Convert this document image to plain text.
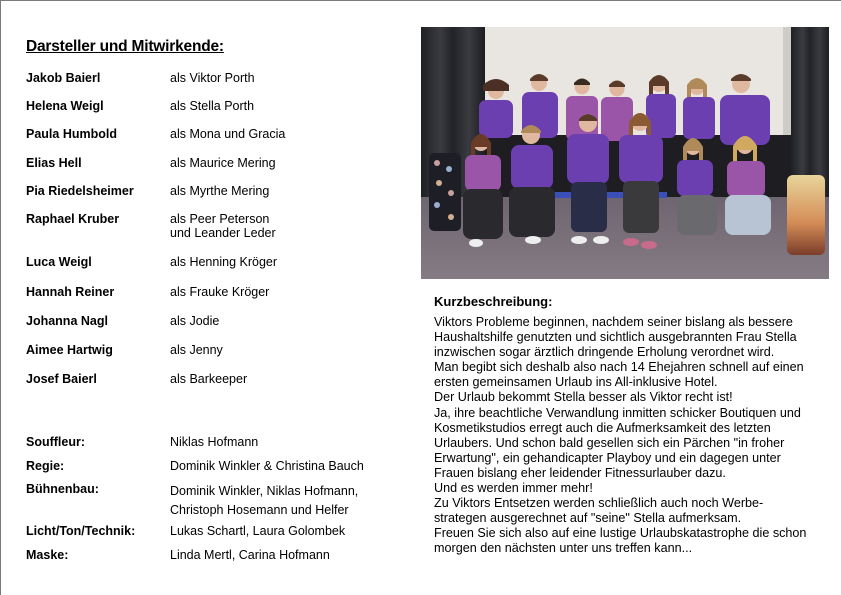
Darsteller und Mitwirkende:
Jakob Baierl	als Viktor Porth
Helena Weigl	als Stella Porth
Paula Humbold	als Mona und Gracia
Elias Hell	als Maurice Mering
Pia Riedelsheimer	als Myrthe Mering
Raphael Kruber	als Peer Peterson
und Leander Leder
Luca Weigl	als Henning Kröger
Hannah Reiner	als Frauke Kröger
Johanna Nagl	als Jodie
Aimee Hartwig	als Jenny
Josef Baierl	als Barkeeper
Souffleur:	Niklas Hofmann
Regie:	Dominik Winkler & Christina Bauch
Bühnenbau:	Dominik Winkler, Niklas Hofmann,
Christoph Hosemann und Helfer
Licht/Ton/Technik:	Lukas Schartl, Laura Golombek
Maske:	Linda Mertl, Carina Hofmann
Kurzbeschreibung:

Viktors Probleme beginnen, nachdem seiner bislang als bessere

Haushaltshilfe genutzten und sichtlich ausgebrannten Frau Stella

inzwischen sogar ärztlich dringende Erholung verordnet wird.

Man begibt sich deshalb also nach 14 Ehejahren schnell auf einen

ersten gemeinsamen Urlaub ins All-inklusive Hotel.

Der Urlaub bekommt Stella besser als Viktor recht ist!

Ja, ihre beachtliche Verwandlung inmitten schicker Boutiquen und

Kosmetikstudios erregt auch die Aufmerksamkeit des letzten

Urlaubers. Und schon bald gesellen sich ein Pärchen "in froher

Erwartung", ein gehandicapter Playboy und ein dagegen unter

Frauen bislang eher leidender Fitnessurlauber dazu.

Und es werden immer mehr!

Zu Viktors Entsetzen werden schließlich auch noch Werbe-

strategen ausgerechnet auf "seine" Stella aufmerksam.

Freuen Sie sich also auf eine lustige Urlaubskatastrophe die schon

morgen den nächsten unter uns treffen kann...
